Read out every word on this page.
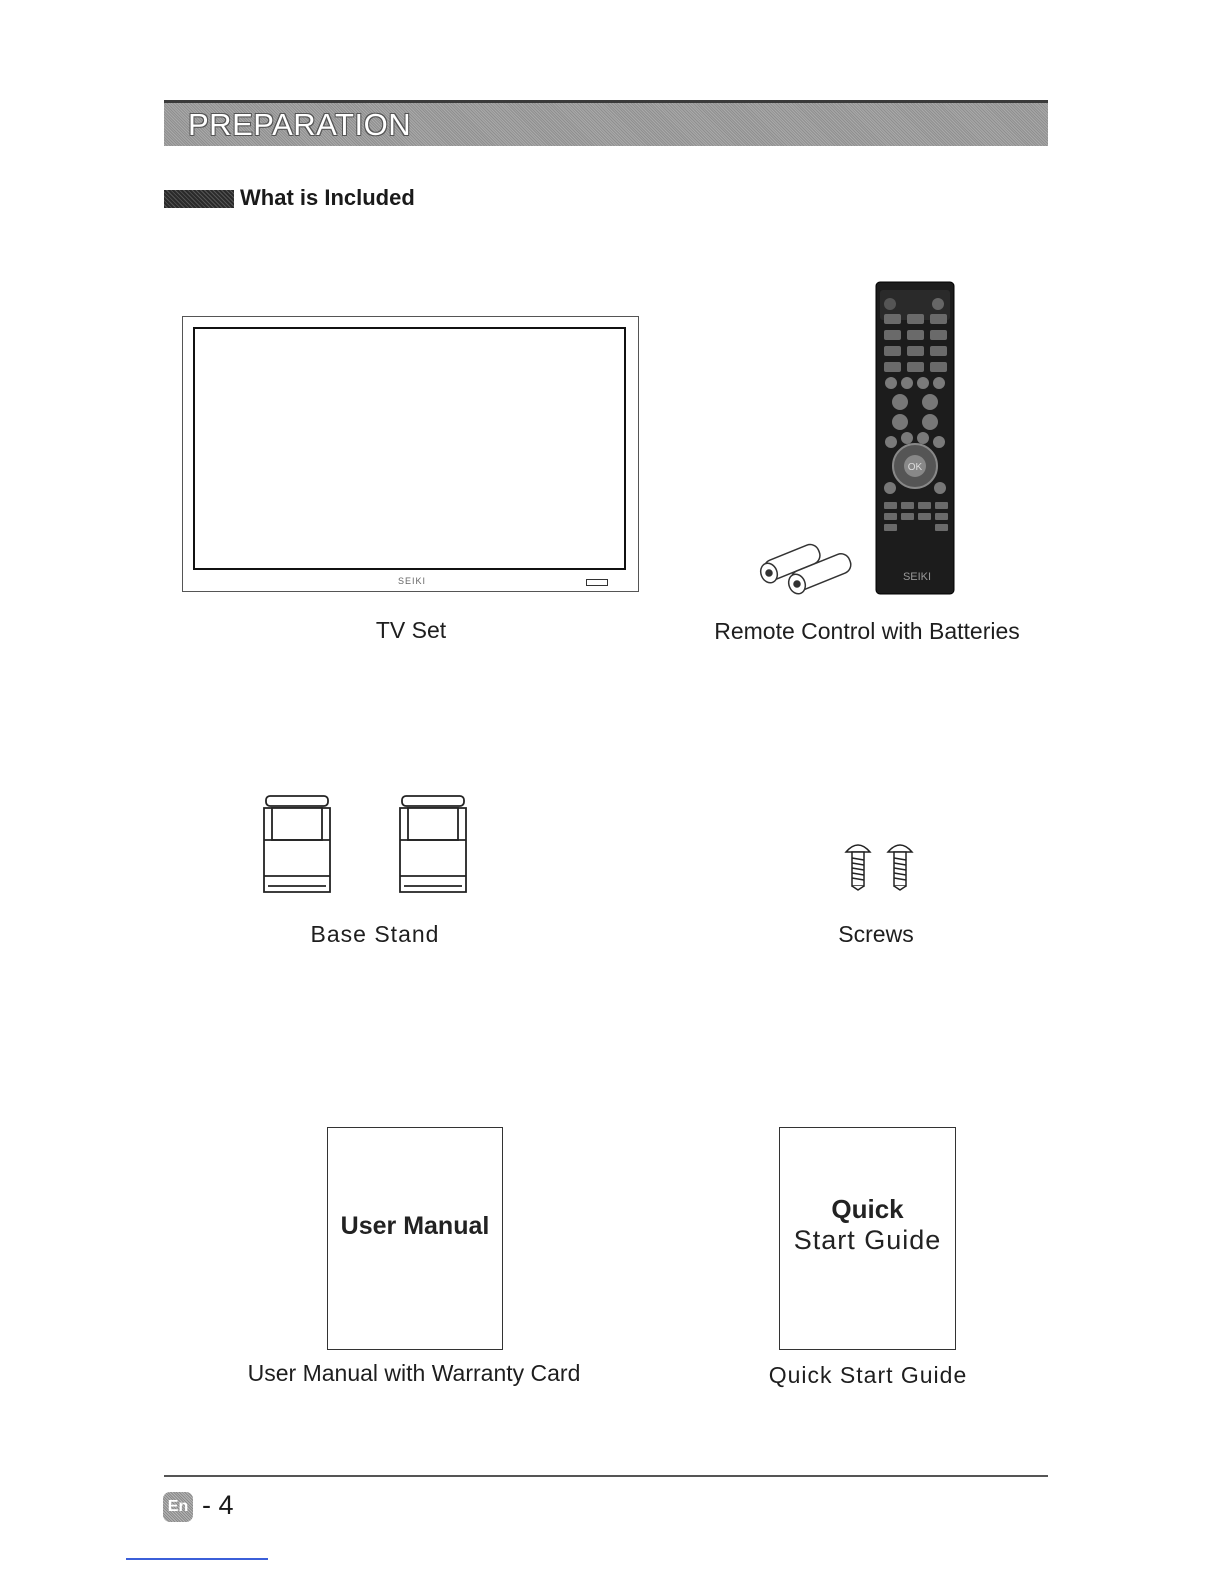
PREPARATION
What is Included
SEIKI
TV Set
OK
SEIKI
Remote Control with Batteries
Base Stand	Screws
User Manual
User Manual with Warranty Card
Quick
Start Guide
Quick Start Guide
En - 4
